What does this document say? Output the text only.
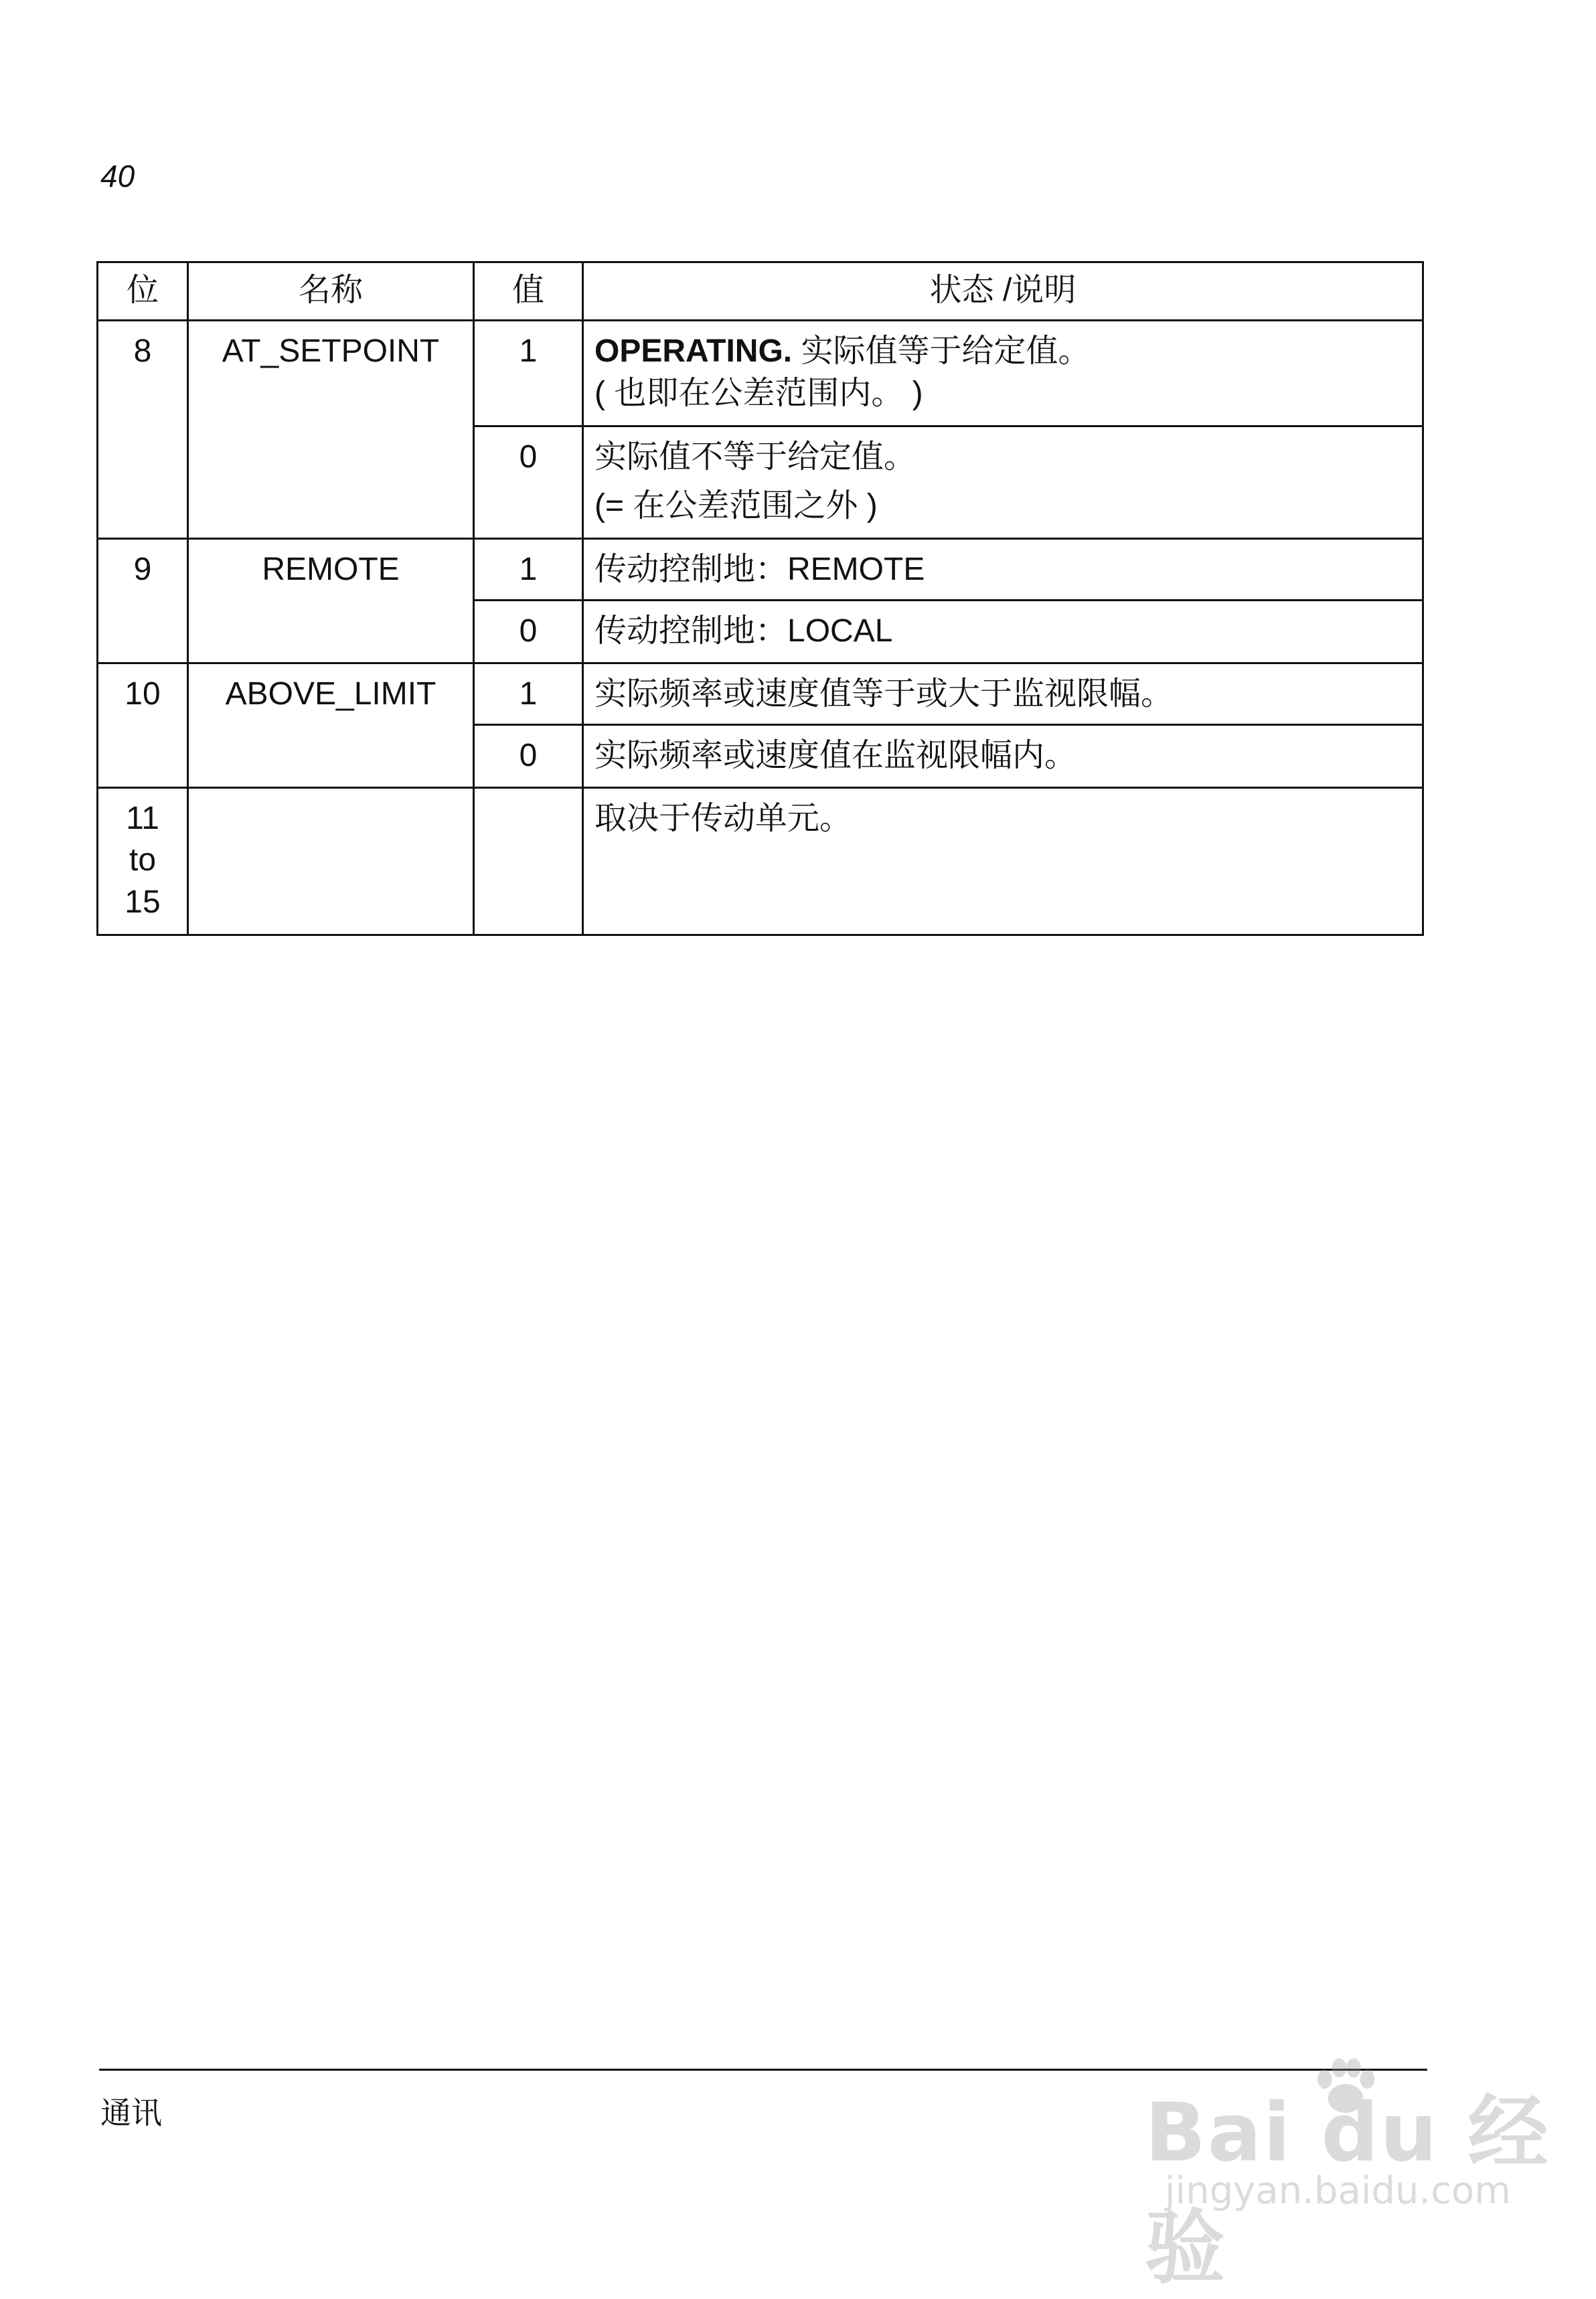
40
位	名称	值	状态 /说明
8	AT_SETPOINT	1	OPERATING. 实际值等于给定值。
( 也即在公差范围内。 )
		0	实际值不等于给定值。
(= 在公差范围之外 )
9	REMOTE	1	传动控制地：REMOTE
		0	传动控制地：LOCAL
10	ABOVE_LIMIT	1	实际频率或速度值等于或大于监视限幅。
		0	实际频率或速度值在监视限幅内。
11
to
15			取决于传动单元。
通讯	Bai du 经验
jingyan.baidu.com
